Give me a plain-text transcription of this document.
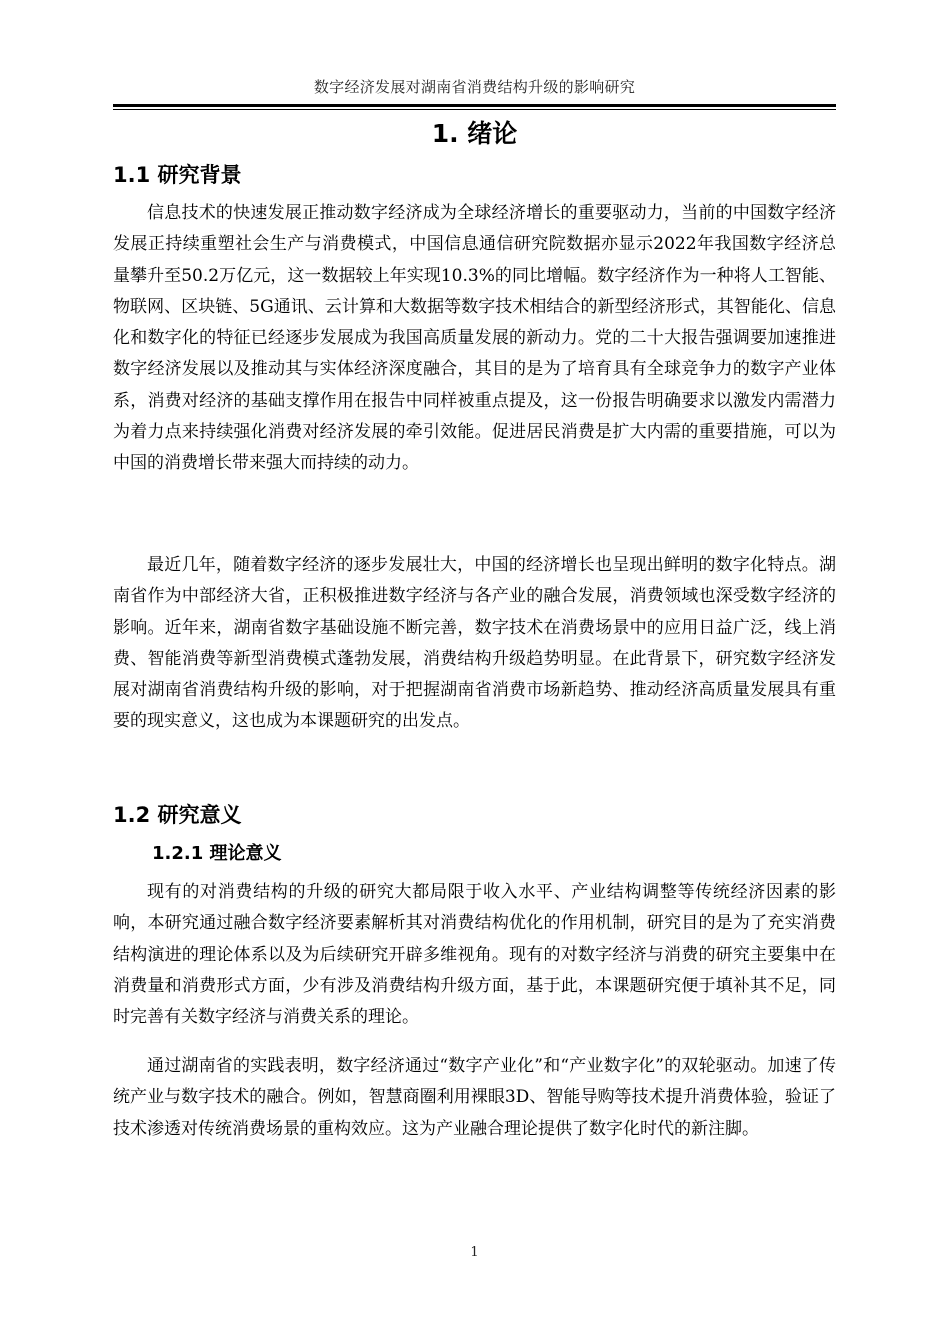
数字经济发展对湖南省消费结构升级的影响研究
1. 绪论
1.1 研究背景

信息技术的快速发展正推动数字经济成为全球经济增长的重要驱动力，当前的中国数字经济发展正持续重塑社会生产与消费模式，中国信息通信研究院数据亦显示2022年我国数字经济总量攀升至50.2万亿元，这一数据较上年实现10.3%的同比增幅。数字经济作为一种将人工智能、物联网、区块链、5G通讯、云计算和大数据等数字技术相结合的新型经济形式，其智能化、信息化和数字化的特征已经逐步发展成为我国高质量发展的新动力。党的二十大报告强调要加速推进数字经济发展以及推动其与实体经济深度融合，其目的是为了培育具有全球竞争力的数字产业体系，消费对经济的基础支撑作用在报告中同样被重点提及，这一份报告明确要求以激发内需潜力为着力点来持续强化消费对经济发展的牵引效能。促进居民消费是扩大内需的重要措施，可以为中国的消费增长带来强大而持续的动力。

最近几年，随着数字经济的逐步发展壮大，中国的经济增长也呈现出鲜明的数字化特点。湖南省作为中部经济大省，正积极推进数字经济与各产业的融合发展，消费领域也深受数字经济的影响。近年来，湖南省数字基础设施不断完善，数字技术在消费场景中的应用日益广泛，线上消费、智能消费等新型消费模式蓬勃发展，消费结构升级趋势明显。在此背景下，研究数字经济发展对湖南省消费结构升级的影响，对于把握湖南省消费市场新趋势、推动经济高质量发展具有重要的现实意义，这也成为本课题研究的出发点。

1.2 研究意义
1.2.1 理论意义

现有的对消费结构的升级的研究大都局限于收入水平、产业结构调整等传统经济因素的影响，本研究通过融合数字经济要素解析其对消费结构优化的作用机制，研究目的是为了充实消费结构演进的理论体系以及为后续研究开辟多维视角。现有的对数字经济与消费的研究主要集中在消费量和消费形式方面，少有涉及消费结构升级方面，基于此，本课题研究便于填补其不足，同时完善有关数字经济与消费关系的理论。

通过湖南省的实践表明，数字经济通过“数字产业化”和“产业数字化”的双轮驱动。加速了传统产业与数字技术的融合。例如，智慧商圈利用裸眼3D、智能导购等技术提升消费体验，验证了技术渗透对传统消费场景的重构效应。这为产业融合理论提供了数字化时代的新注脚。

1
